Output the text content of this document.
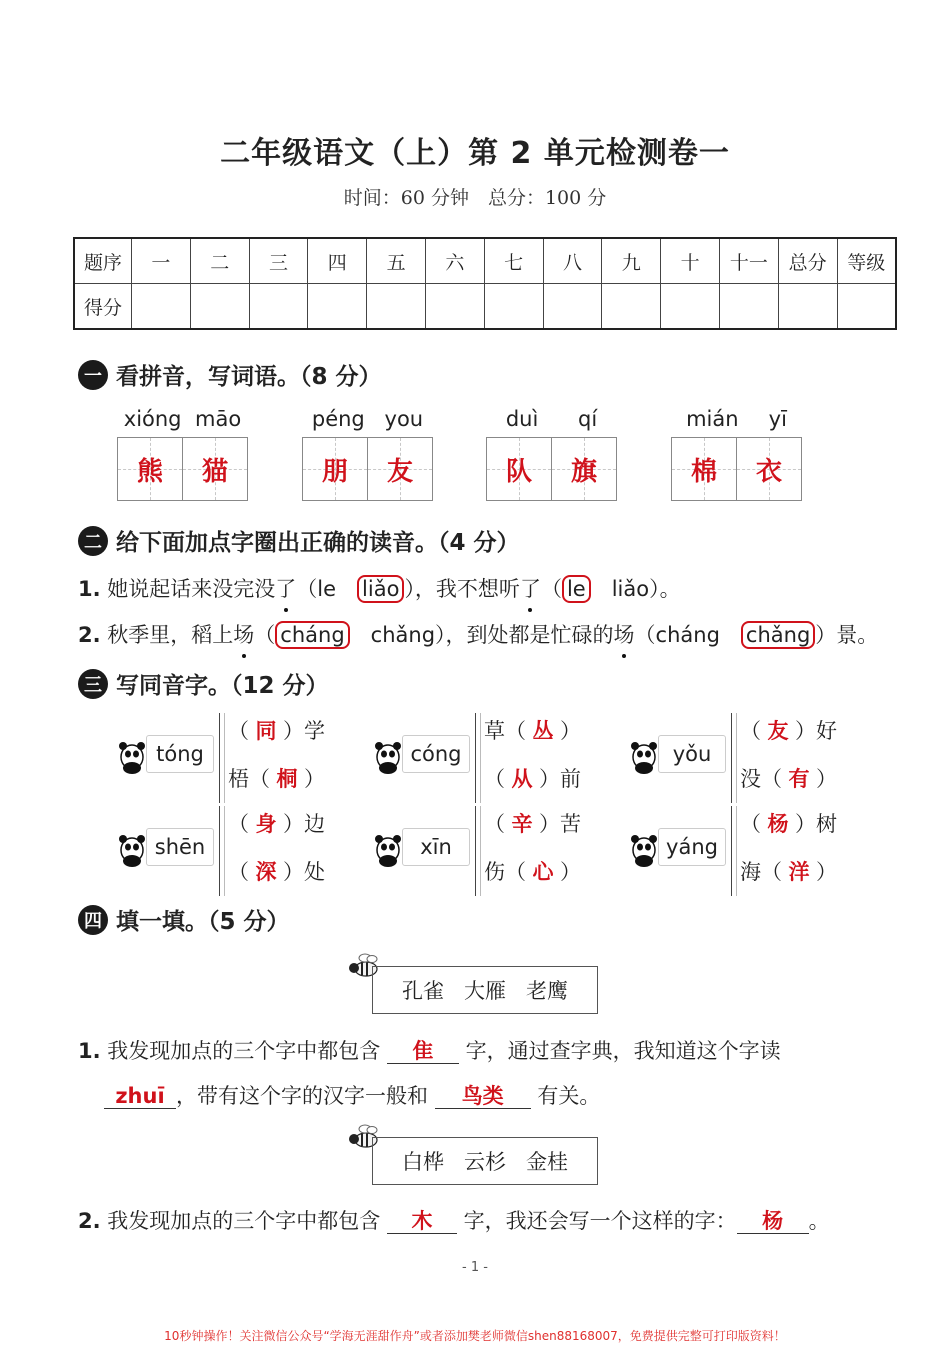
二年级语文（上）第 2 单元检测卷一
时间：60 分钟　总分：100 分
题序	一	二	三	四	五	六	七	八	九	十	十一	总分	等级
得分													
一 看拼音，写词语。（8 分）
xióng māo
熊 猫
péng you
朋 友
duì qí
队 旗
mián yī
棉 衣
二 给下面加点字圈出正确的读音。（4 分）
1. 她说起话来没完没了（le　liǎo ），我不想听了（ le　liǎo）。
2. 秋季里，稻上场（ cháng　chǎng），到处都是忙碌的场（cháng　chǎng ）景。
三 写同音字。（12 分）
tóng
（ 同 ）学
梧（ 桐 ）
cóng
草（ 丛 ）
（ 从 ）前
yǒu
（ 友 ）好
没（ 有 ）
shēn
（ 身 ）边
（ 深 ）处
xīn
（ 辛 ）苦
伤（ 心 ）
yáng
（ 杨 ）树
海（ 洋 ）
四 填一填。（5 分）
孔雀 大雁 老鹰
1. 我发现加点的三个字中都包含 隹 字，通过查字典，我知道这个字读
zhuī ，带有这个字的汉字一般和 鸟类 有关。
白桦 云杉 金桂
2. 我发现加点的三个字中都包含 木 字，我还会写一个这样的字： 杨 。
- 1 -
10秒钟操作！关注微信公众号“学海无涯甜作舟”或者添加樊老师微信shen88168007，免费提供完整可打印版资料！
